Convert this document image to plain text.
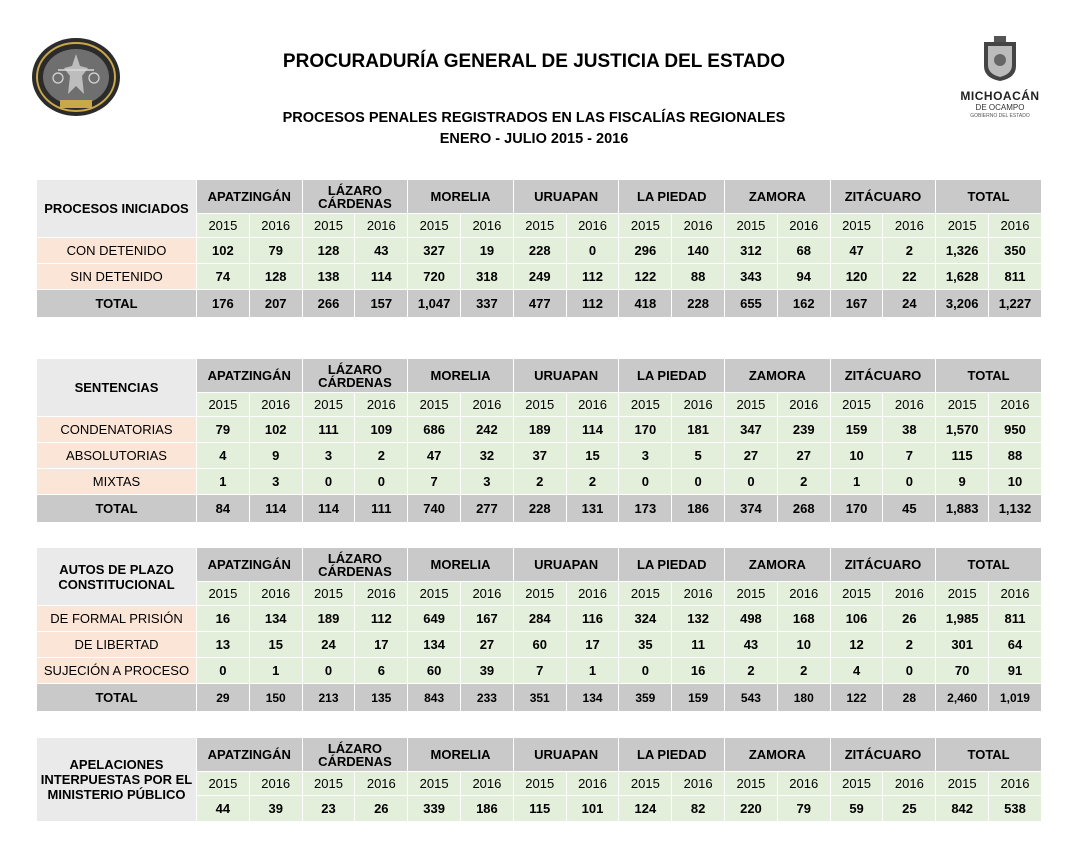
MICHOACÁN
DE OCAMPO
GOBIERNO DEL ESTADO
PROCURADURÍA GENERAL DE JUSTICIA DEL ESTADO
PROCESOS PENALES REGISTRADOS EN LAS FISCALÍAS REGIONALES
ENERO - JULIO 2015 - 2016
PROCESOS INICIADOS	APATZINGÁN		LÁZARO CÁRDENAS		MORELIA		URUAPAN		LA PIEDAD		ZAMORA		ZITÁCUARO		TOTAL	
	2015	2016	2015	2016	2015	2016	2015	2016	2015	2016	2015	2016	2015	2016	2015	2016
CON DETENIDO	102	79	128	43	327	19	228	0	296	140	312	68	47	2	1,326	350
SIN DETENIDO	74	128	138	114	720	318	249	112	122	88	343	94	120	22	1,628	811
TOTAL	176	207	266	157	1,047	337	477	112	418	228	655	162	167	24	3,206	1,227
SENTENCIAS	APATZINGÁN		LÁZARO CÁRDENAS		MORELIA		URUAPAN		LA PIEDAD		ZAMORA		ZITÁCUARO		TOTAL	
	2015	2016	2015	2016	2015	2016	2015	2016	2015	2016	2015	2016	2015	2016	2015	2016
CONDENATORIAS	79	102	111	109	686	242	189	114	170	181	347	239	159	38	1,570	950
ABSOLUTORIAS	4	9	3	2	47	32	37	15	3	5	27	27	10	7	115	88
MIXTAS	1	3	0	0	7	3	2	2	0	0	0	2	1	0	9	10
TOTAL	84	114	114	111	740	277	228	131	173	186	374	268	170	45	1,883	1,132
AUTOS DE PLAZO CONSTITUCIONAL	APATZINGÁN		LÁZARO CÁRDENAS		MORELIA		URUAPAN		LA PIEDAD		ZAMORA		ZITÁCUARO		TOTAL	
	2015	2016	2015	2016	2015	2016	2015	2016	2015	2016	2015	2016	2015	2016	2015	2016
DE FORMAL PRISIÓN	16	134	189	112	649	167	284	116	324	132	498	168	106	26	1,985	811
DE LIBERTAD	13	15	24	17	134	27	60	17	35	11	43	10	12	2	301	64
SUJECIÓN A PROCESO	0	1	0	6	60	39	7	1	0	16	2	2	4	0	70	91
TOTAL	29	150	213	135	843	233	351	134	359	159	543	180	122	28	2,460	1,019
APELACIONES INTERPUESTAS POR EL MINISTERIO PÚBLICO	APATZINGÁN		LÁZARO CÁRDENAS		MORELIA		URUAPAN		LA PIEDAD		ZAMORA		ZITÁCUARO		TOTAL	
	2015	2016	2015	2016	2015	2016	2015	2016	2015	2016	2015	2016	2015	2016	2015	2016
	44	39	23	26	339	186	115	101	124	82	220	79	59	25	842	538
